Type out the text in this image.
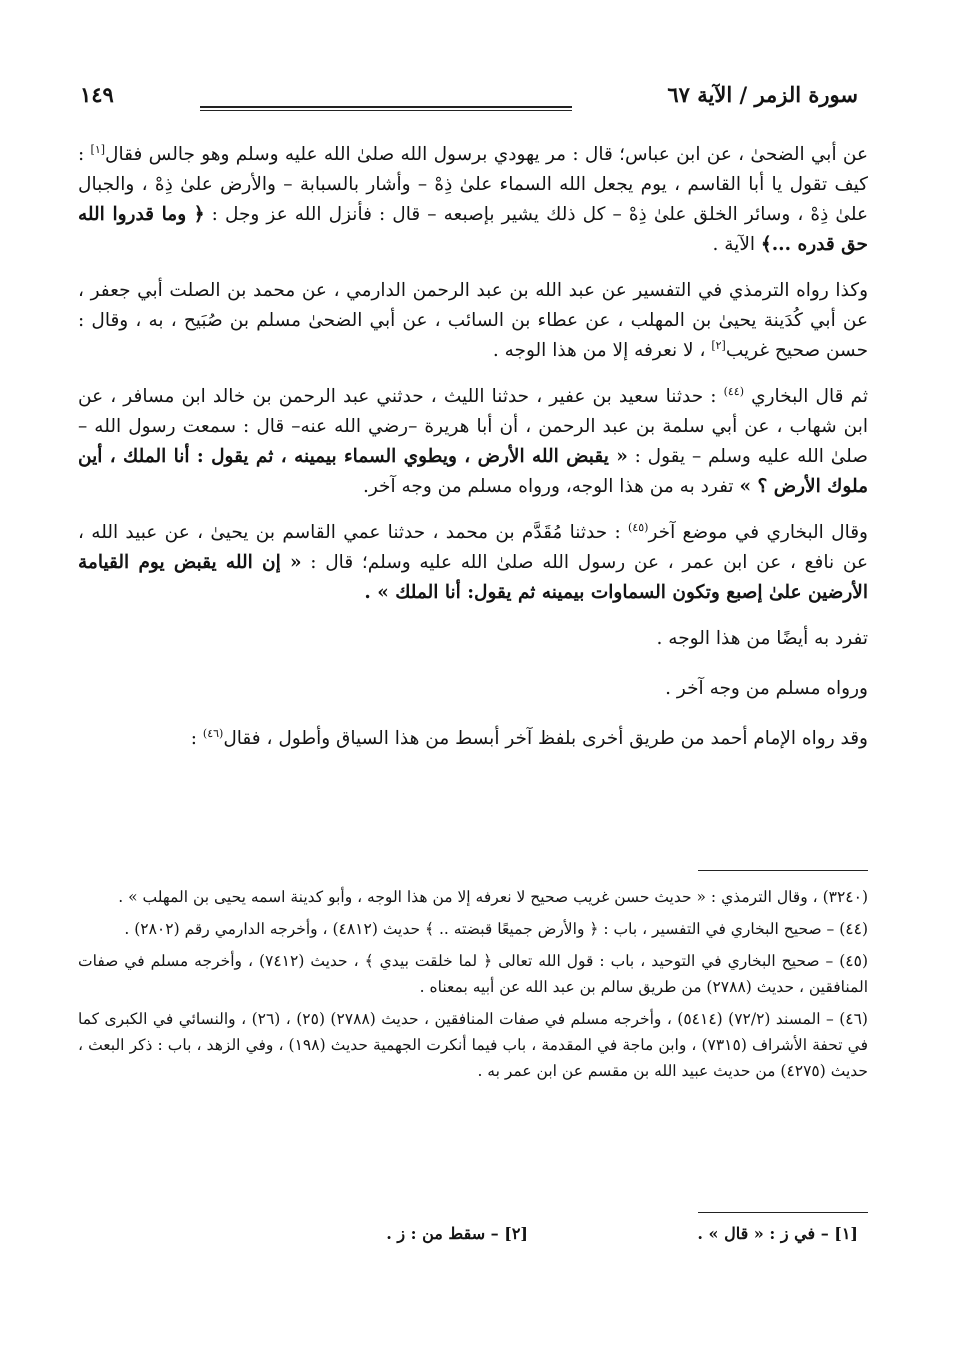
سورة الزمر / الآية ٦٧
١٤٩

عن أبي الضحىٰ ، عن ابن عباس؛ قال : مر يهودي برسول الله صلىٰ الله عليه وسلم وهو جالس فقال[١] : كيف تقول يا أبا القاسم ، يوم يجعل الله السماء علىٰ ذِهْ – وأشار بالسبابة – والأرض علىٰ ذِهْ ، والجبال علىٰ ذِهْ ، وسائر الخلق علىٰ ذِهْ – كل ذلك يشير بإصبعه – قال : فأنزل الله عز وجل : ﴿ وما قدروا الله حق قدره ...﴾ الآية .

وكذا رواه الترمذي في التفسير عن عبد الله بن عبد الرحمن الدارمي ، عن محمد بن الصلت أبي جعفر ، عن أبي كُدَينة يحيىٰ بن المهلب ، عن عطاء بن السائب ، عن أبي الضحىٰ مسلم بن صُبَيح ، به ، وقال : حسن صحيح غريب[٢] ، لا نعرفه إلا من هذا الوجه .

ثم قال البخاري $^{(٤٤)}$ : حدثنا سعيد بن عفير ، حدثنا الليث ، حدثني عبد الرحمن بن خالد ابن مسافر ، عن ابن شهاب ، عن أبي سلمة بن عبد الرحمن ، أن أبا هريرة –رضي الله عنه– قال : سمعت رسول الله – صلىٰ الله عليه وسلم – يقول : « يقبض الله الأرض ، ويطوي السماء بيمينه ، ثم يقول : أنا الملك ، أين ملوك الأرض ؟ » تفرد به من هذا الوجه، ورواه مسلم من وجه آخر.

وقال البخاري في موضع آخر$^{(٤٥)}$ : حدثنا مُقَدَّم بن محمد ، حدثنا عمي القاسم بن يحيىٰ ، عن عبيد الله ، عن نافع ، عن ابن عمر ، عن رسول الله صلىٰ الله عليه وسلم؛ قال : « إن الله يقبض يوم القيامة الأرضين علىٰ إصبع وتكون السماوات بيمينه ثم يقول: أنا الملك » .

تفرد به أيضًا من هذا الوجه .

ورواه مسلم من وجه آخر .

وقد رواه الإمام أحمد من طريق أخرى بلفظ آخر أبسط من هذا السياق وأطول ، فقال$^{(٤٦)}$ :

(٣٢٤٠) ، وقال الترمذي : « حديث حسن غريب صحيح لا نعرفه إلا من هذا الوجه ، وأبو كدينة اسمه يحيى بن المهلب » .

(٤٤) – صحيح البخاري في التفسير ، باب : ﴿ والأرض جميعًا قبضته .. ﴾ حديث (٤٨١٢) ، وأخرجه الدارمي رقم (٢٨٠٢) .

(٤٥) – صحيح البخاري في التوحيد ، باب : قول الله تعالى ﴿ لما خلقت بيدي ﴾ ، حديث (٧٤١٢) ، وأخرجه مسلم في صفات المنافقين ، حديث (٢٧٨٨) من طريق سالم بن عبد الله عن أبيه بمعناه .

(٤٦) – المسند (٧٢/٢) (٥٤١٤) ، وأخرجه مسلم في صفات المنافقين ، حديث (٢٧٨٨) (٢٥) ، (٢٦) ، والنسائي في الكبرى كما في تحفة الأشراف (٧٣١٥) ، وابن ماجة في المقدمة ، باب فيما أنكرت الجهمية حديث (١٩٨) ، وفي الزهد ، باب : ذكر البعث ، حديث (٤٢٧٥) من حديث عبيد الله بن مقسم عن ابن عمر به .

[١] – في ز : « قال » .
[٢] – سقط من : ز .
